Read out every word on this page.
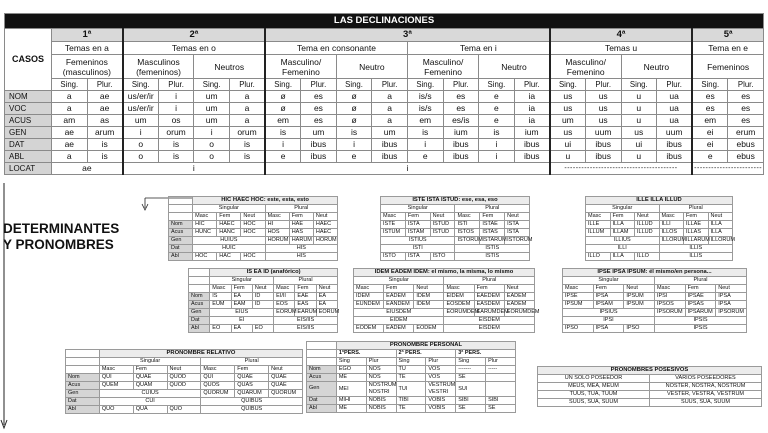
LAS DECLINACIONES																				
CASOS	1ª		2ª				3ª								4ª				5ª	
	Temas en a		Temas en o				Tema en consonante				Tema en i				Temas u				Tema en e	
	Femeninos (masculinos)		Masculinos (femeninos)		Neutros		Masculino/ Femenino		Neutro		Masculino/ Femenino		Neutro		Masculino/ Femenino		Neutro		Femeninos	
	Sing.	Plur.	Sing.	Plur.	Sing.	Plur.	Sing.	Plur.	Sing.	Plur.	Sing.	Plur.	Sing.	Plur.	Sing.	Plur.	Sing.	Plur.	Sing.	Plur.
NOM	a	ae	us/er/ir	i	um	a	ø	es	ø	a	is/s	es	e	ia	us	us	u	ua	es	es
VOC	a	ae	us/er/ir	i	um	a	ø	es	ø	a	is/s	es	e	ia	us	us	u	ua	es	es
ACUS	am	as	um	os	um	a	em	es	ø	a	em	es/is	e	ia	um	us	u	ua	em	es
GEN	ae	arum	i	orum	i	orum	is	um	is	um	is	ium	is	ium	us	uum	us	uum	ei	erum
DAT	ae	is	o	is	o	is	i	ibus	i	ibus	i	ibus	i	ibus	ui	ibus	ui	ibus	ei	ebus
ABL	a	is	o	is	o	is	e	ibus	e	ibus	e	ibus	i	ibus	u	ibus	u	ibus	e	ebus
LOCAT	ae		i				i								----------------------------------------				------------------------	
DETERMINANTES
Y PRONOMBRES
	HIC HAEC HOC: este, esta, esto					
	Singular			Plural		
	Masc	Fem	Neut	Masc	Fem	Neut
Nom	HIC	HAEC	HOC	HI	HAE	HAEC
Acus	HUNC	HANC	HOC	HOS	HAS	HAEC
Gen	HUIUS			HORUM	HARUM	HORUM
Dat	HUIC			HIS		
Abl	HOC	HAC	HOC	HIS		
ISTE ISTA ISTUD: ese, esa, eso					
Singular			Plural		
Masc	Fem	Neut	Masc	Fem	Neut
ISTE	ISTA	ISTUD	ISTI	ISTAE	ISTA
ISTUM	ISTAM	ISTUD	ISTOS	ISTAS	ISTA
ISTIUS			ISTORUM	ISTARUM	ISTORUM
ISTI			ISTIS		
ISTO	ISTA	ISTO	ISTIS		
ILLE ILLA ILLUD					
Singular			Plural		
Masc	Fem	Neut	Masc	Fem	Neut
ILLE	ILLA	ILLUD	ILLI	ILLAE	ILLA
ILLUM	ILLAM	ILLUD	ILLOS	ILLAS	ILLA
ILLIUS			ILLORUM	ILLARUM	ILLORUM
ILLI			ILLIS		
ILLO	ILLA	ILLO	ILLIS		
	IS EA ID (anafórico)					
	Singular			Plural		
	Masc	Fem	Neut	Masc	Fem	Neut
Nom	IS	EA	ID	EI/II	EAE	EA
Acus	EUM	EAM	ID	EOS	EAS	EA
Gen	EIUS			EORUM	EARUM	EORUM
Dat	EI			EIS/IIS		
Abl	EO	EA	EO	EIS/IIS		
IDEM EADEM IDEM: el mismo, la misma, lo mismo					
Singular			Plural		
Masc	Fem	Neut	Masc	Fem	Neut
IDEM	EADEM	IDEM	EIDEM	EAEDEM	EADEM
EUNDEM	EANDEM	IDEM	EOSDEM	EASDEM	EADEM
EIUSDEM			EORUMDEM	EARUMDEM	EORUMDEM
EIDEM			EISDEM		
EODEM	EADEM	EODEM	EISDEM		
IPSE IPSA IPSUM: él mismo/en persona...					
Singular			Plural		
Masc	Fem	Neut	Masc	Fem	Neut
IPSE	IPSA	IPSUM	IPSI	IPSAE	IPSA
IPSUM	IPSAM	IPSUM	IPSOS	IPSAS	IPSA
IPSIUS			IPSORUM	IPSARUM	IPSORUM
IPSI			IPSIS		
IPSO	IPSA	IPSO	IPSIS		
	PRONOMBRE RELATIVO					
	Singular			Plural		
	Masc	Fem	Neut	Masc	Fem	Neut
Nom	QUI	QUAE	QUOD	QUI	QUAE	QUAE
Acus	QUEM	QUAM	QUOD	QUOS	QUAS	QUAE
Gen	CUIUS			QUORUM	QUARUM	QUORUM
Dat	CUI			QUIBUS		
Abl	QUO	QUA	QUO	QUIBUS		
	PRONOMBRE PERSONAL					
	1ªPERS.		2ª PERS.		3ª PERS.	
	Sing	Plur	Sing	Plur	Sing	Plur
Nom	EGO	NOS	TU	VOS	-------	-----
Acus	ME	NOS	TE	VOS	SE	
Gen	MEI	NOSTRUM NOSTRI	TUI	VESTRUM VESTRI	SUI	
Dat	MIHI	NOBIS	TIBI	VOBIS	SIBI	SIBI
Abl	ME	NOBIS	TE	VOBIS	SE	SE
PRONOMBRES POSESIVOS	
UN SOLO POSEEDOR	VARIOS POSEEDORES
MEUS, MEA, MEUM	NOSTER, NOSTRA, NOSTRUM
TUUS, TUA, TUUM	VESTER, VESTRA, VESTRUM
SUUS, SUA, SUUM	SUUS, SUA, SUUM
